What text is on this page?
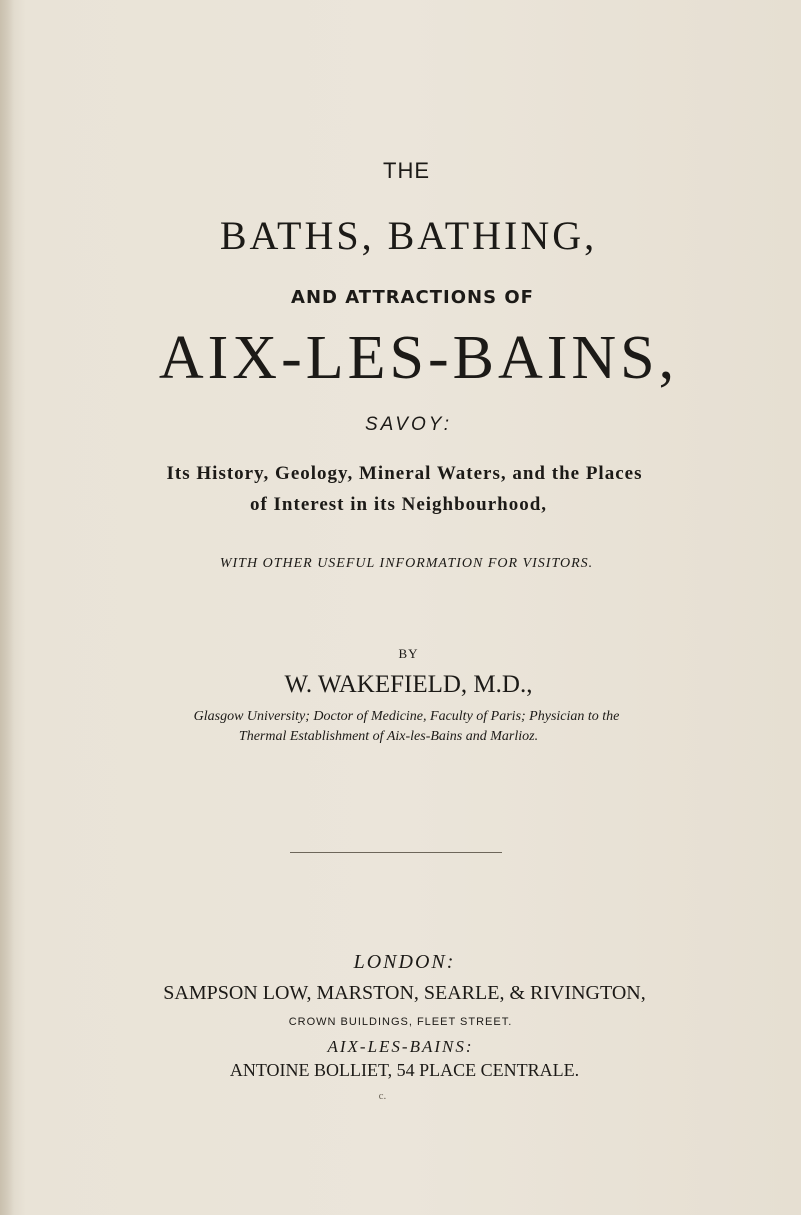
THE
BATHS, BATHING,
AND ATTRACTIONS OF
AIX-LES-BAINS,
SAVOY:
Its History, Geology, Mineral Waters, and the Places
of Interest in its Neighbourhood,
WITH OTHER USEFUL INFORMATION FOR VISITORS.
BY
W. WAKEFIELD, M.D.,
Glasgow University; Doctor of Medicine, Faculty of Paris; Physician to the
Thermal Establishment of Aix-les-Bains and Marlioz.
LONDON:
SAMPSON LOW, MARSTON, SEARLE, & RIVINGTON,
CROWN BUILDINGS, FLEET STREET.
AIX-LES-BAINS:
ANTOINE BOLLIET, 54 PLACE CENTRALE.
c.
